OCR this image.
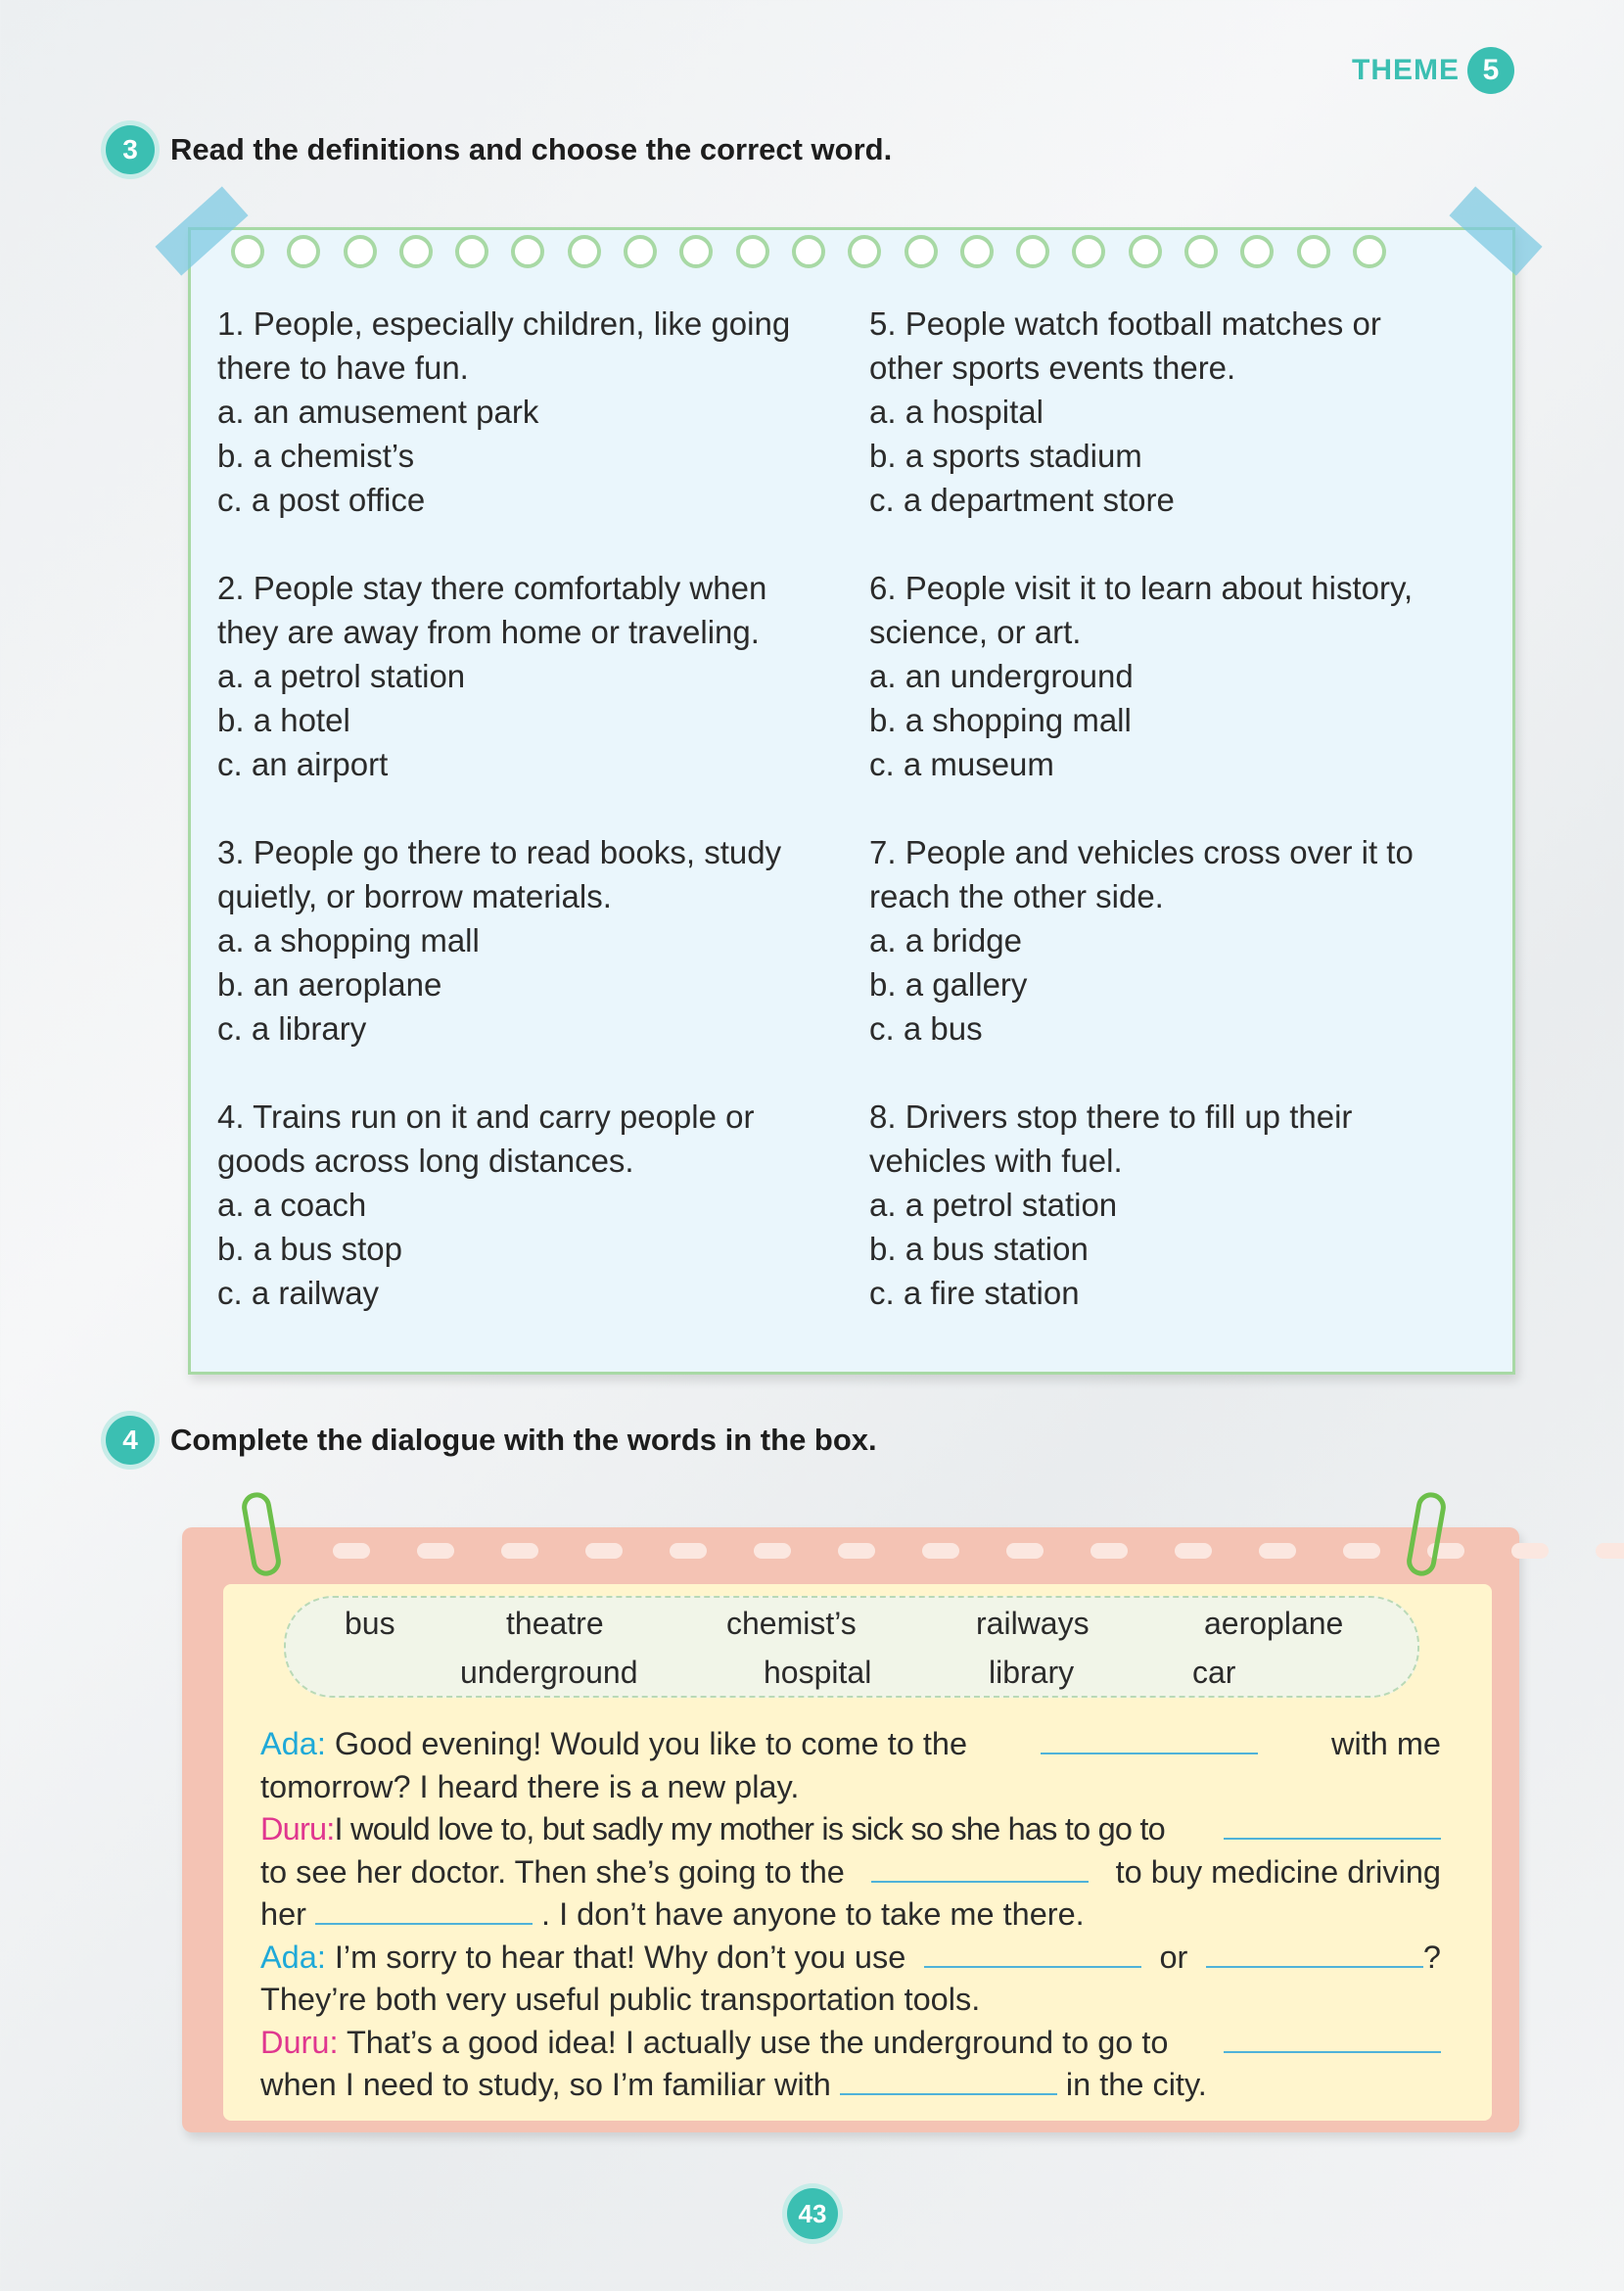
THEME 5
3	Read the definitions and choose the correct word.
1. People, especially children, like going
there to have fun.
a. an amusement park
b. a chemist’s
c. a post office
2. People stay there comfortably when
they are away from home or traveling.
a. a petrol station
b. a hotel
c. an airport
3. People go there to read books, study
quietly, or borrow materials.
a. a shopping mall
b. an aeroplane
c. a library
4. Trains run on it and carry people or
goods across long distances.
a. a coach
b. a bus stop
c. a railway
5. People watch football matches or
other sports events there.
a. a hospital
b. a sports stadium
c. a department store
6. People visit it to learn about history,
science, or art.
a. an underground
b. a shopping mall
c. a museum
7. People and vehicles cross over it to
reach the other side.
a. a bridge
b. a gallery
c. a bus
8. Drivers stop there to fill up their
vehicles with fuel.
a. a petrol station
b. a bus station
c. a fire station
4	Complete the dialogue with the words in the box.
bus	theatre	chemist’s	railways	aeroplane
underground	hospital	library	car
Ada: Good evening! Would you like to come to the	with me
tomorrow? I heard there is a new play.
Duru:I would love to, but sadly my mother is sick so she has to go to
to see her doctor. Then she’s going to the	to buy medicine driving
her	. I don’t have anyone to take me there.
Ada: I’m sorry to hear that! Why don’t you use	or	?
They’re both very useful public transportation tools.
Duru: That’s a good idea! I actually use the underground to go to
when I need to study, so I’m familiar with	in the city.
43
